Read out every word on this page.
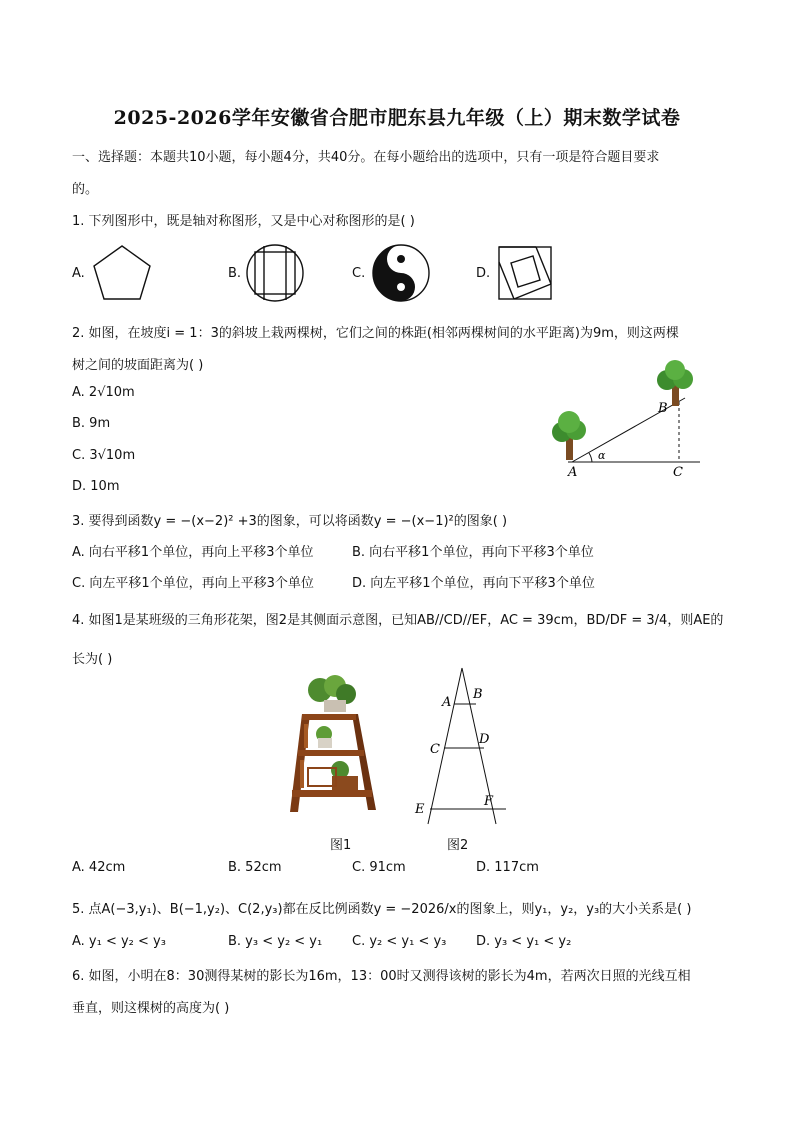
2025-2026学年安徽省合肥市肥东县九年级（上）期末数学试卷
一、选择题：本题共10小题，每小题4分，共40分。在每小题给出的选项中，只有一项是符合题目要求
的。
1. 下列图形中，既是轴对称图形，又是中心对称图形的是( )
A.	B.	C.	D.
2. 如图，在坡度i = 1：3的斜坡上栽两棵树，它们之间的株距(相邻两棵树间的水平距离)为9m，则这两棵
树之间的坡面距离为( )
A. 2√10m
B. 9m
C. 3√10m
D. 10m
A
B
C
α
3. 要得到函数y = −(x−2)² +3的图象，可以将函数y = −(x−1)²的图象( )
A. 向右平移1个单位，再向上平移3个单位	B. 向右平移1个单位，再向下平移3个单位
C. 向左平移1个单位，再向上平移3个单位	D. 向左平移1个单位，再向下平移3个单位
4. 如图1是某班级的三角形花架，图2是其侧面示意图，已知AB//CD//EF，AC = 39cm，BD/DF = 3/4，则AE的
长为( )
图1
A
B
C
D
E
F
图2
A. 42cm	B. 52cm	C. 91cm	D. 117cm
5. 点A(−3,y₁)、B(−1,y₂)、C(2,y₃)都在反比例函数y = −2026/x的图象上，则y₁，y₂，y₃的大小关系是( )
A. y₁ < y₂ < y₃	B. y₃ < y₂ < y₁ C. y₂ < y₁ < y₃ D. y₃ < y₁ < y₂
6. 如图，小明在8：30测得某树的影长为16m，13：00时又测得该树的影长为4m，若两次日照的光线互相
垂直，则这棵树的高度为( )
